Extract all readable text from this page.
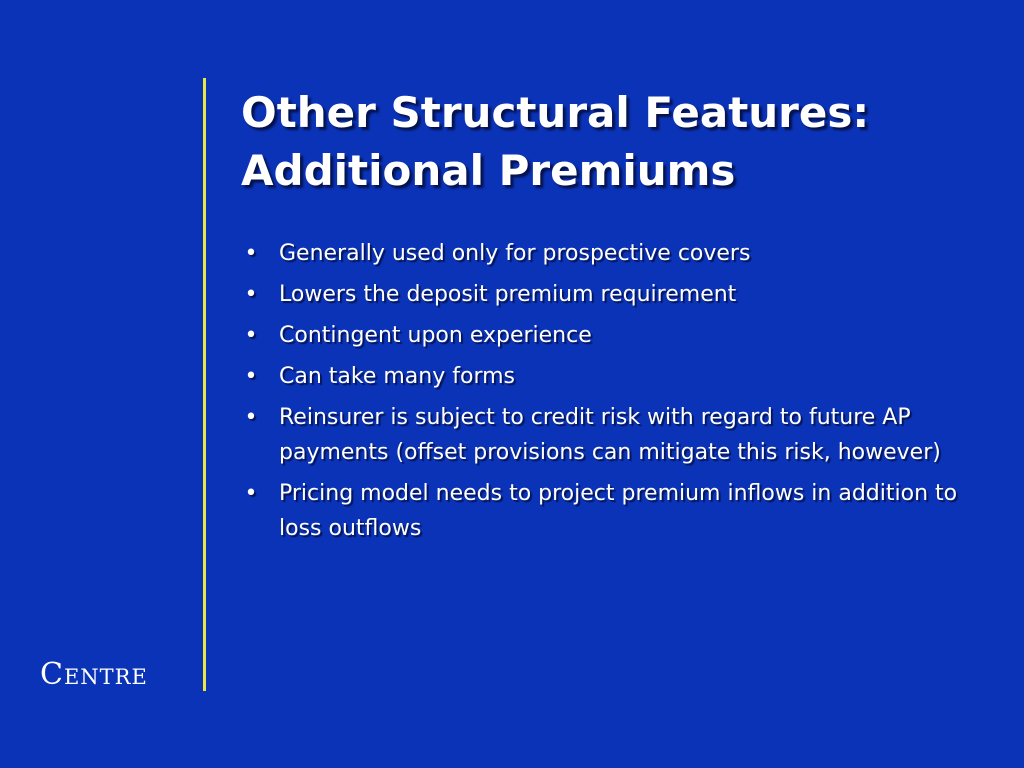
Centre
Other Structural Features:
Additional Premiums
• Generally used only for prospective covers
• Lowers the deposit premium requirement
• Contingent upon experience
• Can take many forms
• Reinsurer is subject to credit risk with regard to future AP payments (offset provisions can mitigate this risk, however)
• Pricing model needs to project premium inflows in addition to loss outflows
